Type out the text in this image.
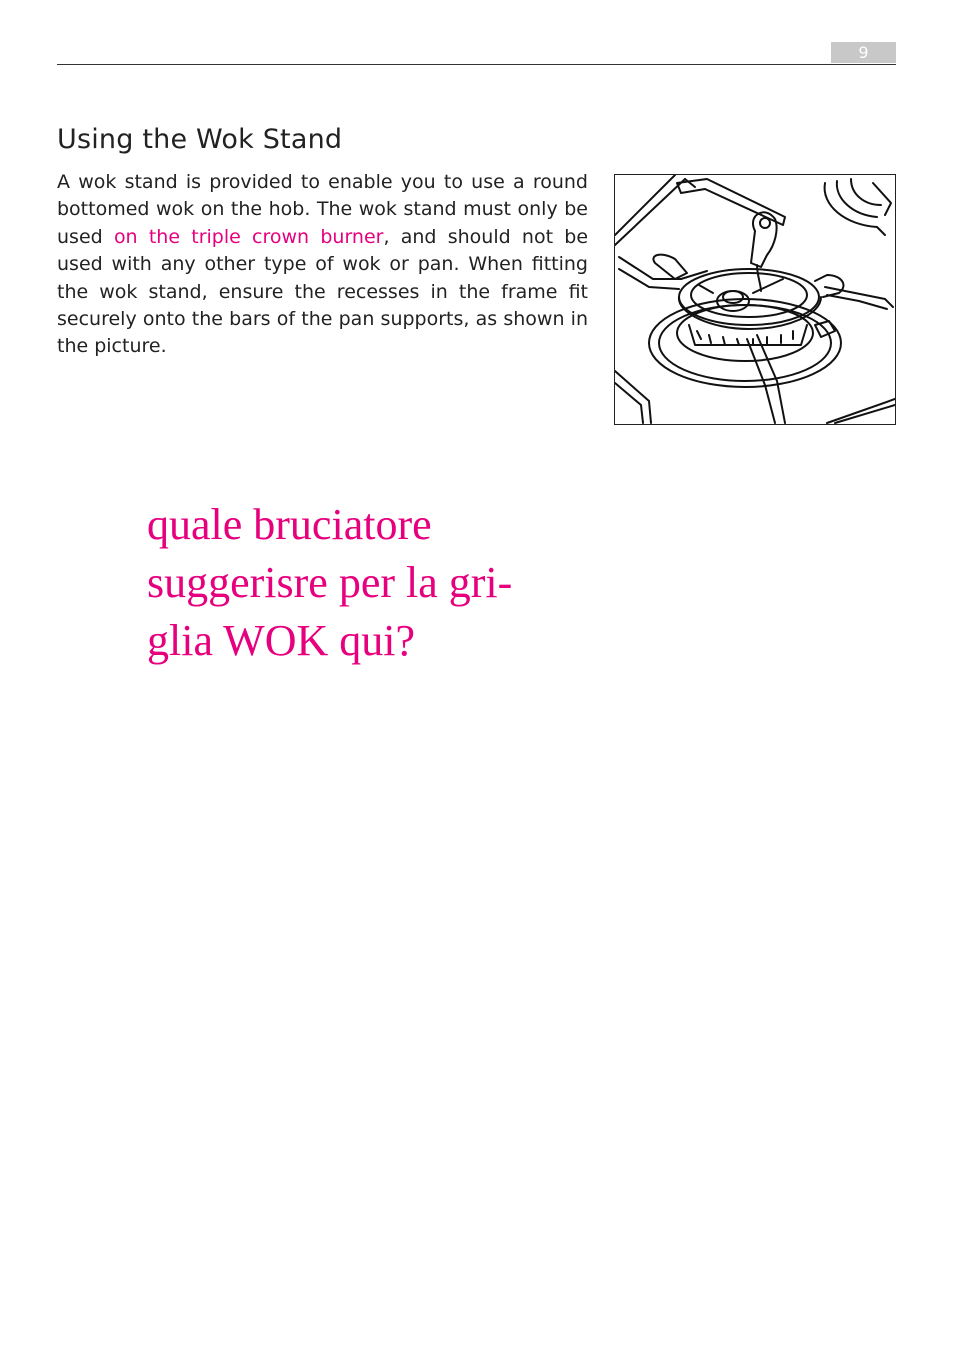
9
Using the Wok Stand

A wok stand is provided to enable you to use a round bottomed wok on the hob. The wok stand must only be used on the triple crown burner, and should not be used with any other type of wok or pan. When fitting the wok stand, ensure the recesses in the frame fit securely onto the bars of the pan supports, as shown in the picture.

quale bruciatore
suggerisre per la gri-
glia WOK qui?
